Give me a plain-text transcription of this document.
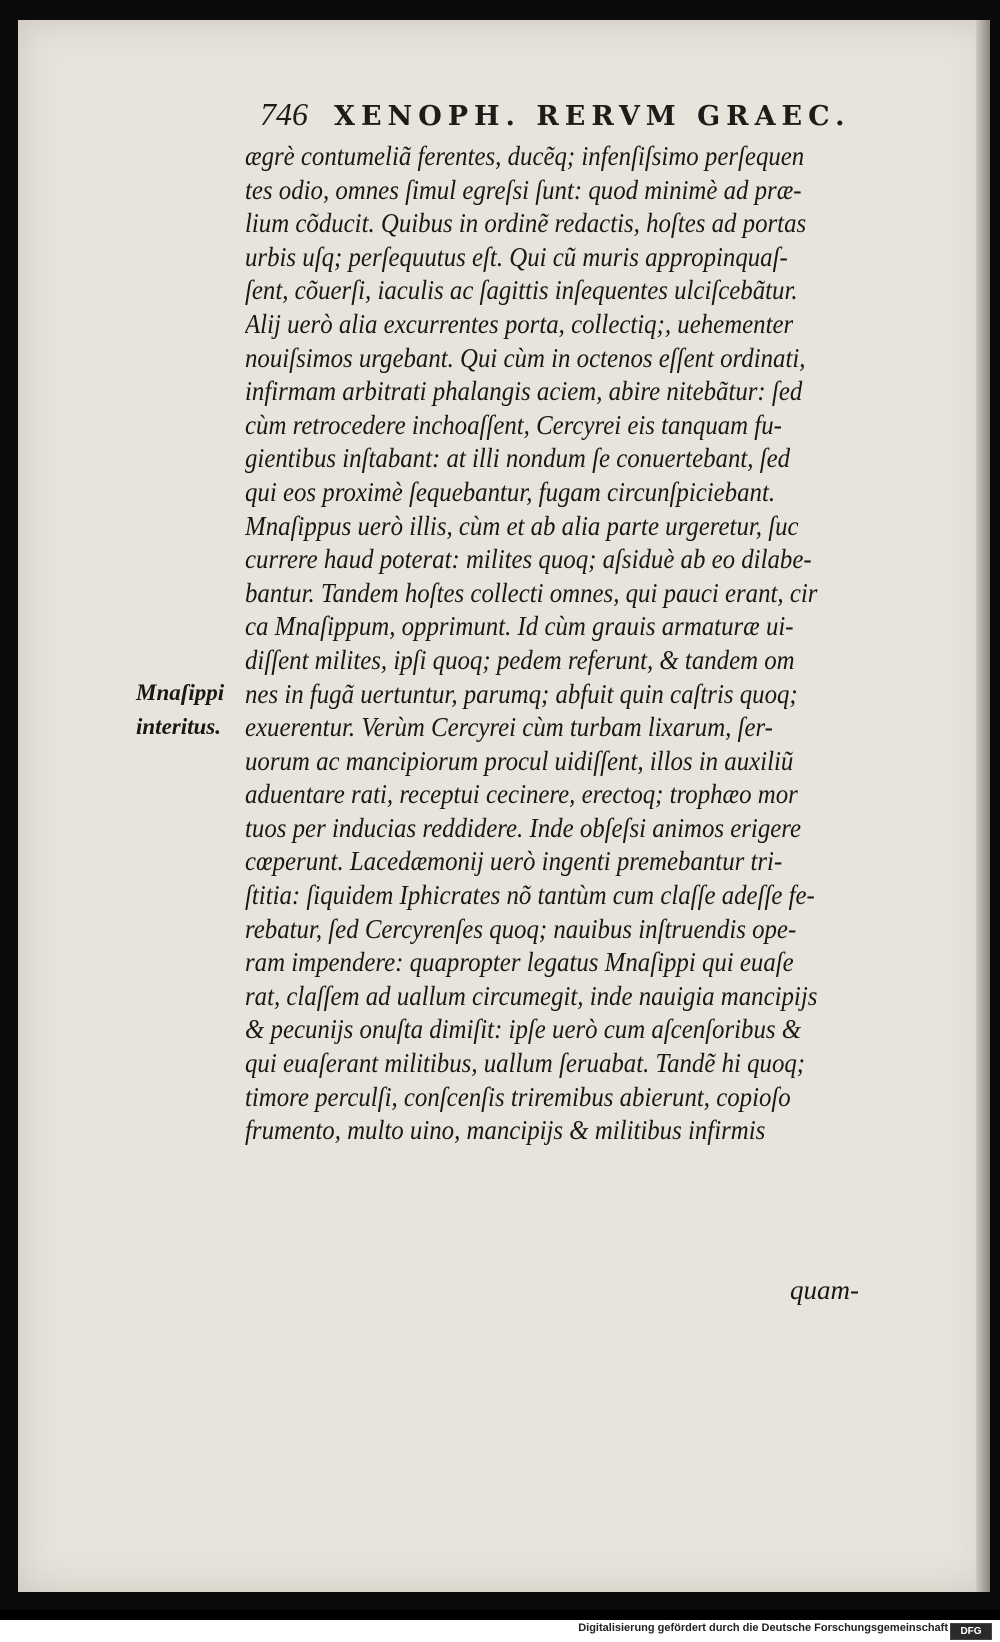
746 XENOPH. RERVM GRAEC.
Mnaſippi
interitus.
ægrè contumeliã ferentes, ducẽq; infenſiſsimo perſequen
tes odio, omnes ſimul egreſsi ſunt: quod minimè ad præ-
lium cõducit. Quibus in ordinẽ redactis, hoſtes ad portas
urbis uſq; perſequutus eſt. Qui cũ muris appropinquaſ-
ſent, cõuerſi, iaculis ac ſagittis inſequentes ulciſcebãtur.
Alij uerò alia excurrentes porta, collectiq;, uehementer
nouiſsimos urgebant. Qui cùm in octenos eſſent ordinati,
infirmam arbitrati phalangis aciem, abire nitebãtur: ſed
cùm retrocedere inchoaſſent, Cercyrei eis tanquam fu-
gientibus inſtabant: at illi nondum ſe conuertebant, ſed
qui eos proximè ſequebantur, fugam circunſpiciebant.
Mnaſippus uerò illis, cùm et ab alia parte urgeretur, ſuc
currere haud poterat: milites quoq; aſsiduè ab eo dilabe-
bantur. Tandem hoſtes collecti omnes, qui pauci erant, cir
ca Mnaſippum, opprimunt. Id cùm grauis armaturæ ui-
diſſent milites, ipſi quoq; pedem referunt, & tandem om
nes in fugã uertuntur, parumq; abfuit quin caſtris quoq;
exuerentur. Verùm Cercyrei cùm turbam lixarum, ſer-
uorum ac mancipiorum procul uidiſſent, illos in auxiliũ
aduentare rati, receptui cecinere, erectoq; trophæo mor
tuos per inducias reddidere. Inde obſeſsi animos erigere
cœperunt. Lacedæmonij uerò ingenti premebantur tri-
ſtitia: ſiquidem Iphicrates nõ tantùm cum claſſe adeſſe fe-
rebatur, ſed Cercyrenſes quoq; nauibus inſtruendis ope-
ram impendere: quapropter legatus Mnaſippi qui euaſe
rat, claſſem ad uallum circumegit, inde nauigia mancipijs
& pecunijs onuſta dimiſit: ipſe uerò cum aſcenſoribus &
qui euaſerant militibus, uallum ſeruabat. Tandẽ hi quoq;
timore perculſi, conſcenſis triremibus abierunt, copioſo
frumento, multo uino, mancipijs & militibus infirmis
quam-
Digitalisierung gefördert durch die Deutsche Forschungsgemeinschaft	DFG
